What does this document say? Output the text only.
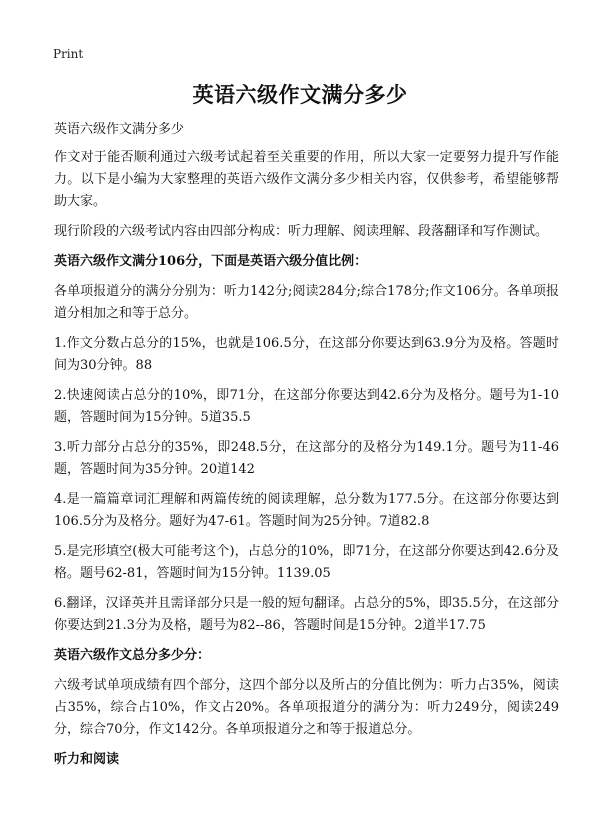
Print
英语六级作文满分多少

英语六级作文满分多少

作文对于能否顺利通过六级考试起着至关重要的作用，所以大家一定要努力提升写作能力。以下是小编为大家整理的英语六级作文满分多少相关内容，仅供参考，希望能够帮助大家。

现行阶段的六级考试内容由四部分构成：听力理解、阅读理解、段落翻译和写作测试。

英语六级作文满分106分，下面是英语六级分值比例：

各单项报道分的满分分别为：听力142分;阅读284分;综合178分;作文106分。各单项报道分相加之和等于总分。

1.作文分数占总分的15%，也就是106.5分，在这部分你要达到63.9分为及格。答题时间为30分钟。88

2.快速阅读占总分的10%，即71分，在这部分你要达到42.6分为及格分。题号为1-10题，答题时间为15分钟。5道35.5

3.听力部分占总分的35%，即248.5分，在这部分的及格分为149.1分。题号为11-46题，答题时间为35分钟。20道142

4.是一篇篇章词汇理解和两篇传统的阅读理解，总分数为177.5分。在这部分你要达到106.5分为及格分。题好为47-61。答题时间为25分钟。7道82.8

5.是完形填空(极大可能考这个)，占总分的10%，即71分，在这部分你要达到42.6分及格。题号62-81，答题时间为15分钟。1139.05

6.翻译，汉译英并且需译部分只是一般的短句翻译。占总分的5%，即35.5分，在这部分你要达到21.3分为及格，题号为82--86，答题时间是15分钟。2道半17.75

英语六级作文总分多少分：

六级考试单项成绩有四个部分，这四个部分以及所占的分值比例为：听力占35%，阅读占35%，综合占10%，作文占20%。各单项报道分的满分为：听力249分，阅读249分，综合70分，作文142分。各单项报道分之和等于报道总分。

听力和阅读
